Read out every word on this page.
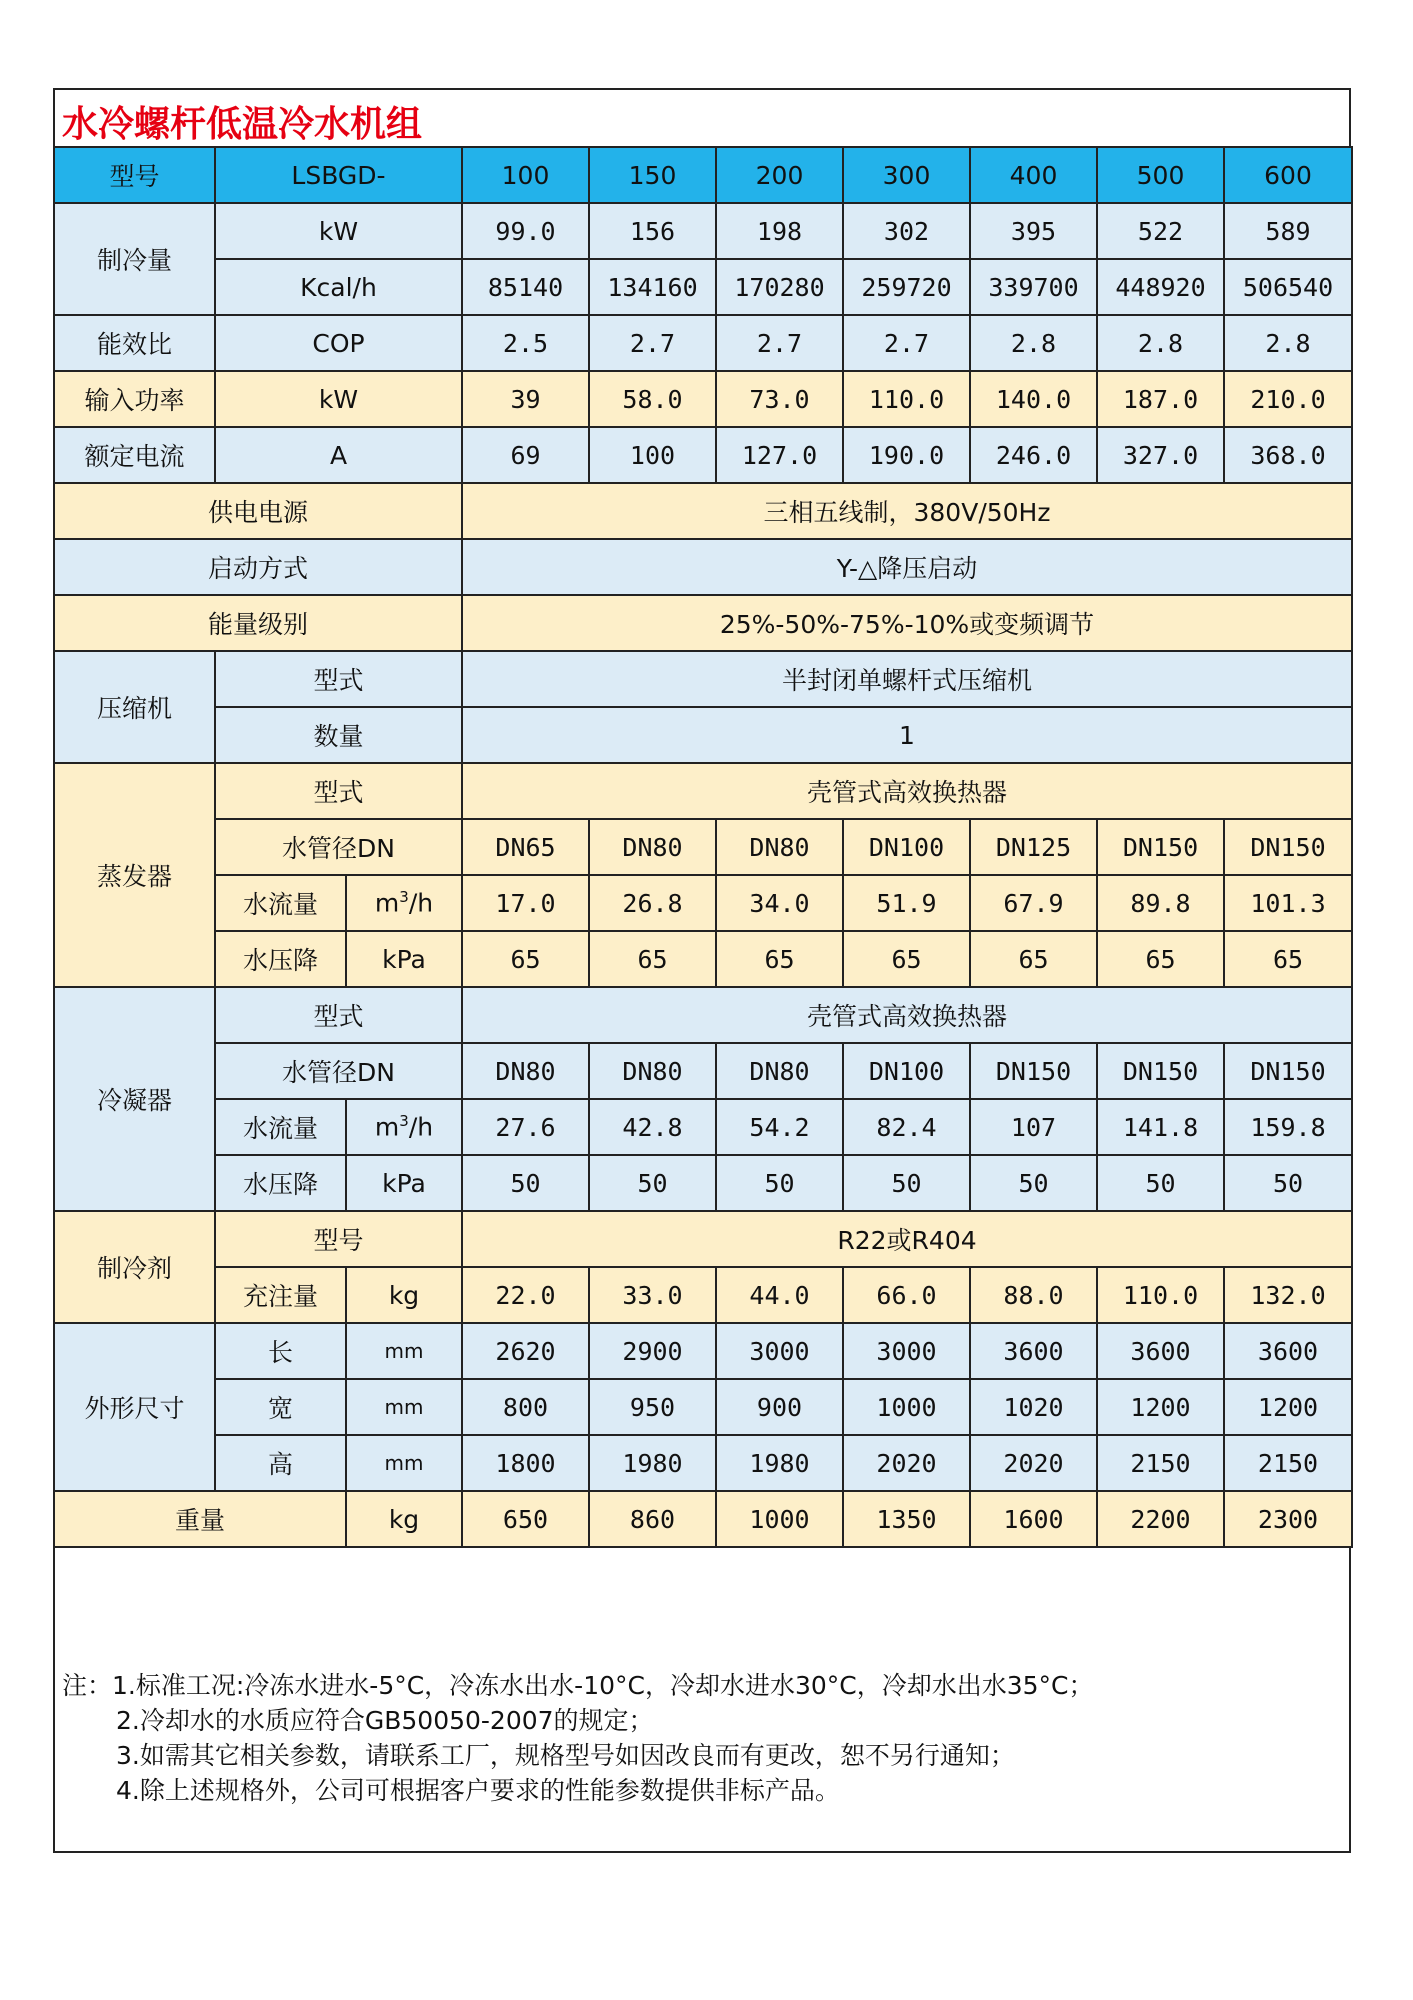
水冷螺杆低温冷水机组
型号	LSBGD-		100	150	200	300	400	500	600
制冷量	kW		99.0	156	198	302	395	522	589
	Kcal/h		85140	134160	170280	259720	339700	448920	506540
能效比	COP		2.5	2.7	2.7	2.7	2.8	2.8	2.8
输入功率	kW		39	58.0	73.0	110.0	140.0	187.0	210.0
额定电流	A		69	100	127.0	190.0	246.0	327.0	368.0
供电电源			三相五线制，380V/50Hz						
启动方式			Y-△降压启动						
能量级别			25%-50%-75%-10%或变频调节						
压缩机	型式		半封闭单螺杆式压缩机						
	数量		1						
蒸发器	型式		壳管式高效换热器						
	水管径DN		DN65	DN80	DN80	DN100	DN125	DN150	DN150
	水流量	$m^3/h$	17.0	26.8	34.0	51.9	67.9	89.8	101.3
	水压降	kPa	65	65	65	65	65	65	65
冷凝器	型式		壳管式高效换热器						
	水管径DN		DN80	DN80	DN80	DN100	DN150	DN150	DN150
	水流量	$m^3/h$	27.6	42.8	54.2	82.4	107	141.8	159.8
	水压降	kPa	50	50	50	50	50	50	50
制冷剂	型号		R22或R404						
	充注量	kg	22.0	33.0	44.0	66.0	88.0	110.0	132.0
外形尺寸	长	mm	2620	2900	3000	3000	3600	3600	3600
	宽	mm	800	950	900	1000	1020	1200	1200
	高	mm	1800	1980	1980	2020	2020	2150	2150
重量		kg	650	860	1000	1350	1600	2200	2300
注：1.标准工况:冷冻水进水-5°C，冷冻水出水-10°C，冷却水进水30°C，冷却水出水35°C；
2.冷却水的水质应符合GB50050-2007的规定；
3.如需其它相关参数，请联系工厂，规格型号如因改良而有更改，恕不另行通知；
4.除上述规格外，公司可根据客户要求的性能参数提供非标产品。
